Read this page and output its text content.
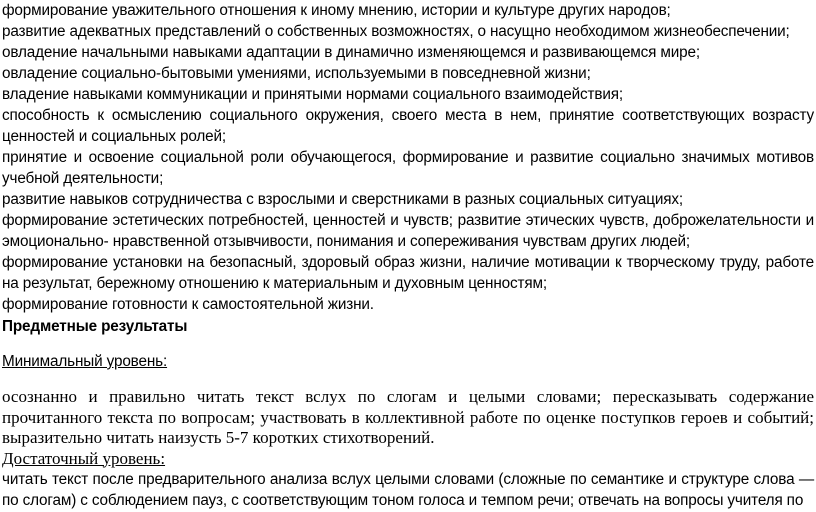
формирование уважительного отношения к иному мнению, истории и культуре других народов;

развитие адекватных представлений о собственных возможностях, о насущно необходимом жизнеобеспечении;

овладение начальными навыками адаптации в динамично изменяющемся и развивающемся мире;

овладение социально-бытовыми умениями, используемыми в повседневной жизни;

владение навыками коммуникации и принятыми нормами социального взаимодействия;

способность к осмыслению социального окружения, своего места в нем, принятие соответствующих возрасту ценностей и социальных ролей;

принятие и освоение социальной роли обучающегося, формирование и развитие социально значимых мотивов учебной деятельности;

развитие навыков сотрудничества с взрослыми и сверстниками в разных социальных ситуациях;

формирование эстетических потребностей, ценностей и чувств; развитие этических чувств, доброжелательности и эмоционально- нравственной отзывчивости, понимания и сопереживания чувствам других людей;

формирование установки на безопасный, здоровый образ жизни, наличие мотивации к творческому труду, работе на результат, бережному отношению к материальным и духовным ценностям;

формирование готовности к самостоятельной жизни.

Предметные результаты

Минимальный уровень:

осознанно и правильно читать текст вслух по слогам и целыми словами; пересказывать содержание прочитанного текста по вопросам; участвовать в коллективной работе по оценке поступков героев и событий; выразительно читать наизусть 5-7 коротких стихотворений.

Достаточный уровень:

читать текст после предварительного анализа вслух целыми словами (сложные по семантике и структуре слова — по слогам) с соблюдением пауз, с соответствующим тоном голоса и темпом речи; отвечать на вопросы учителя по
